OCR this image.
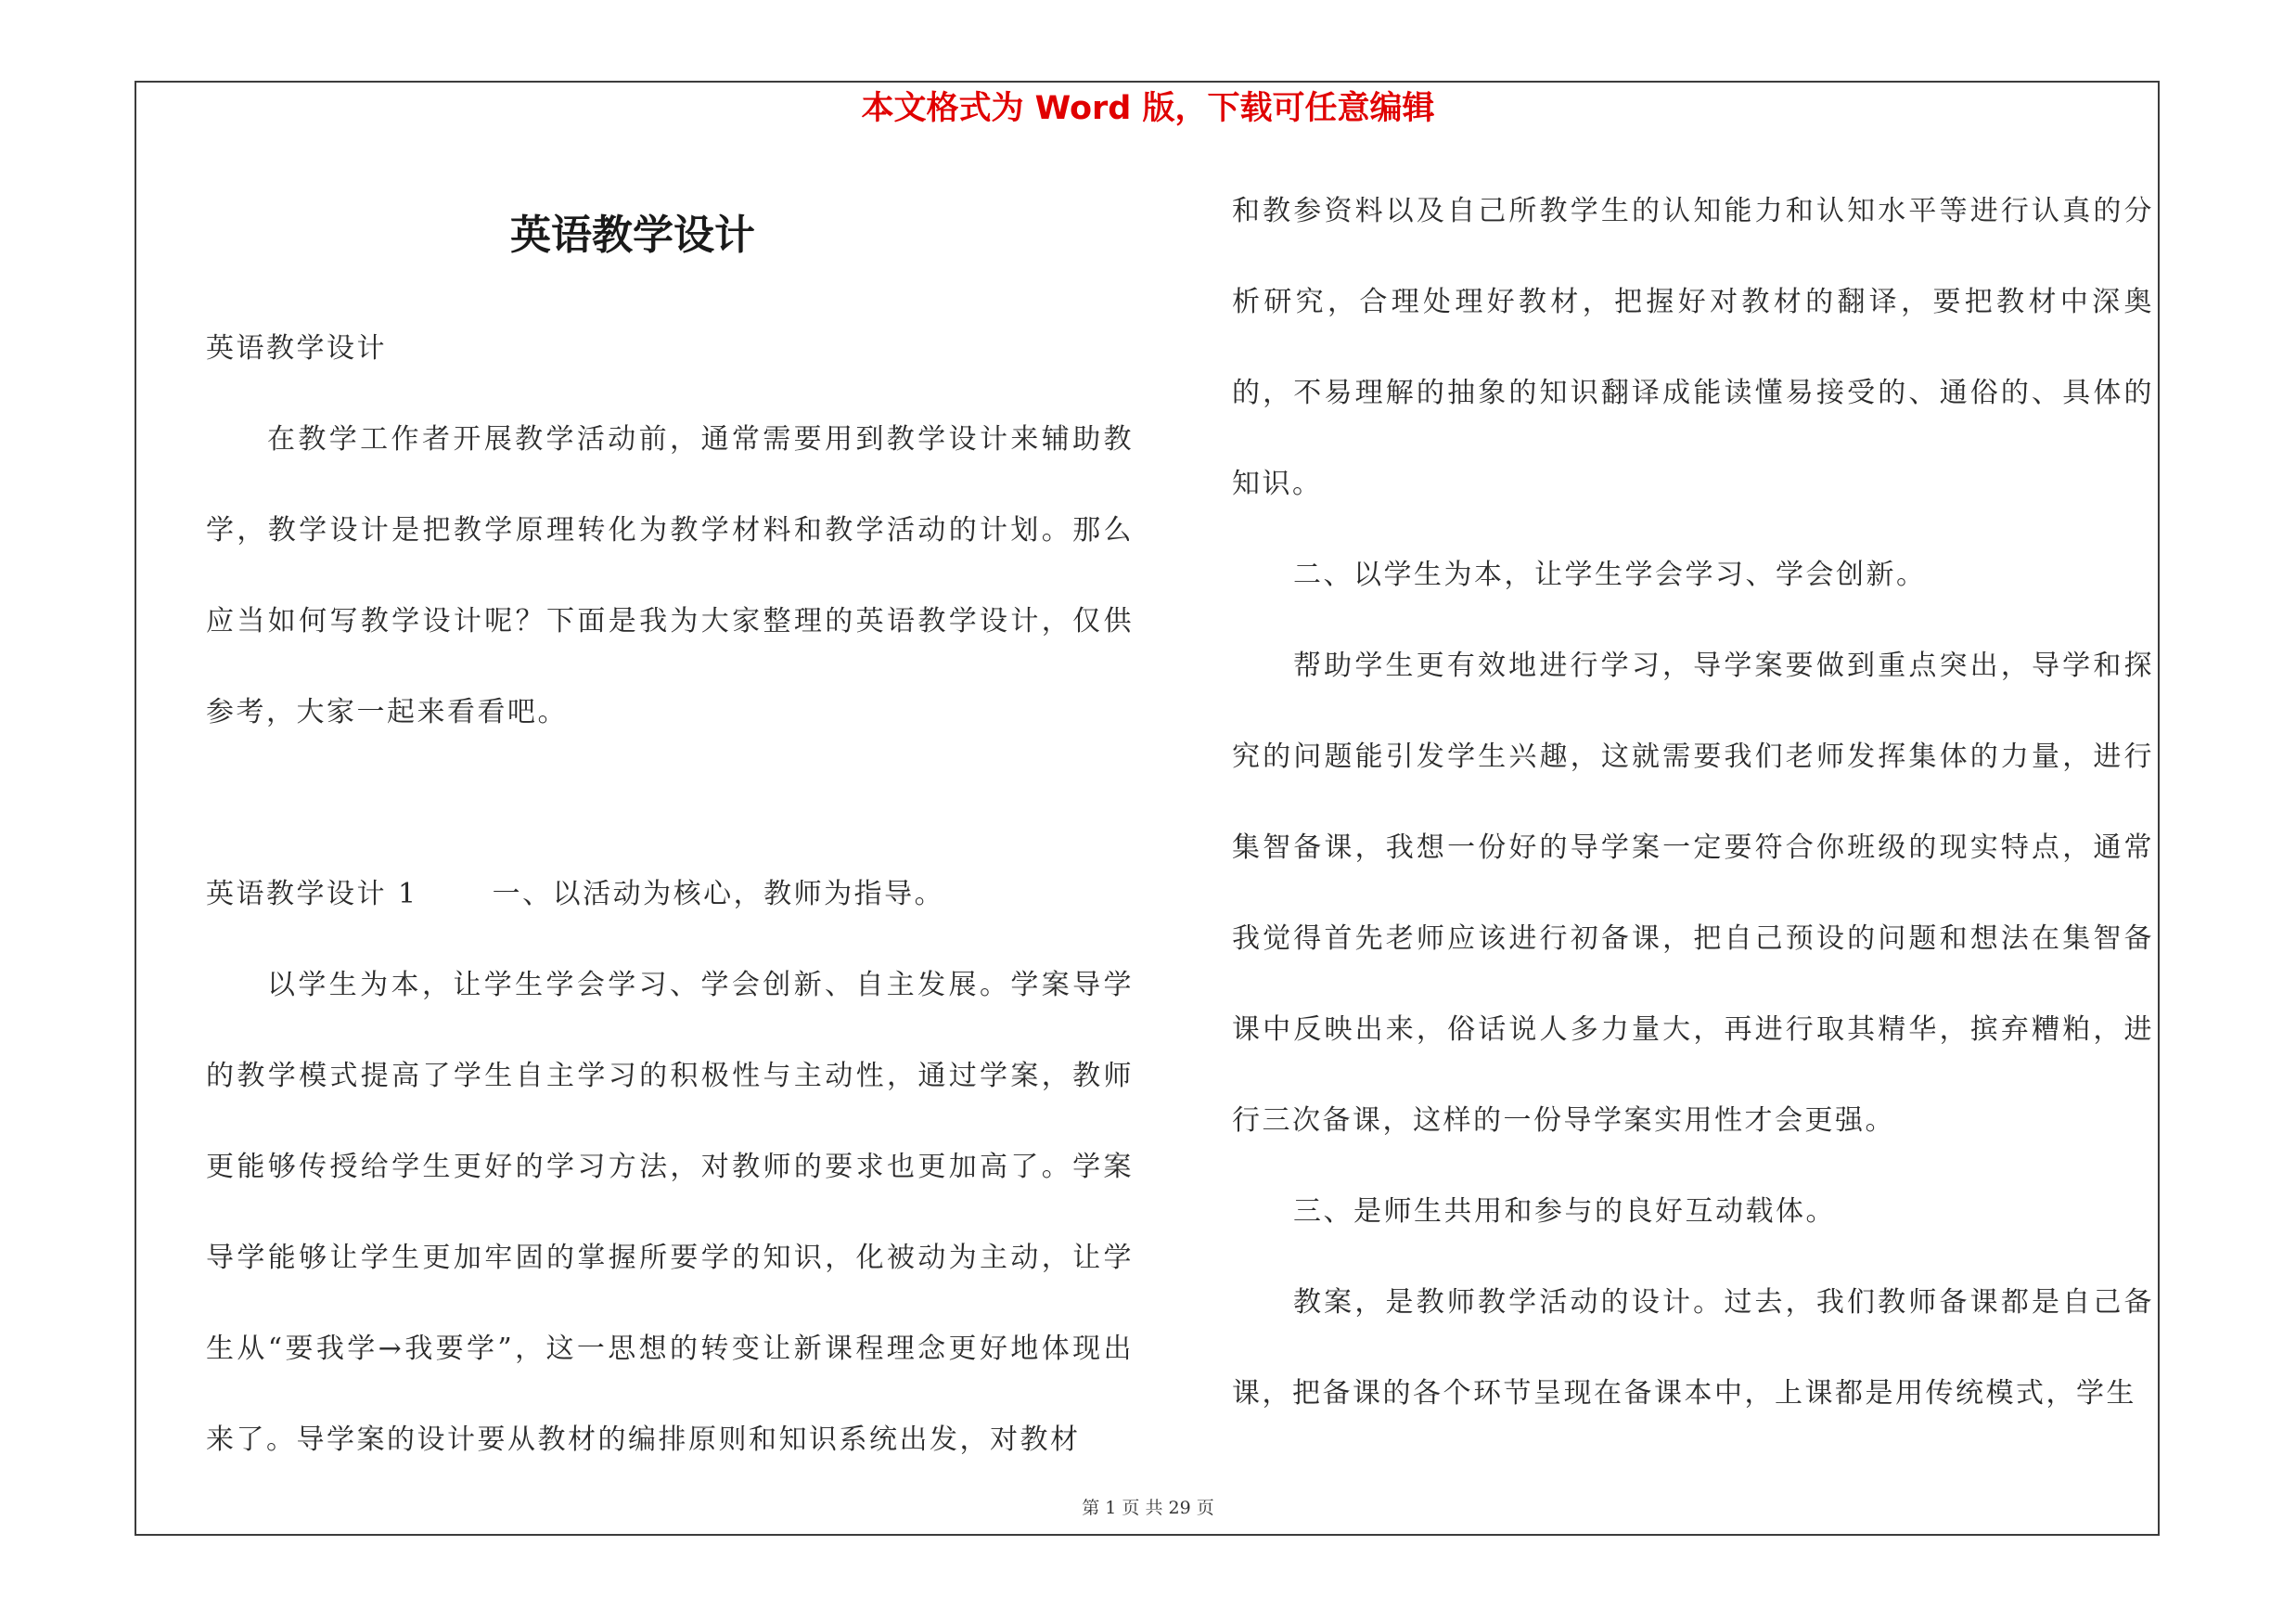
本文格式为 Word 版，下载可任意编辑
英语教学设计

英语教学设计

在教学工作者开展教学活动前，通常需要用到教学设计来辅助教学，教学设计是把教学原理转化为教学材料和教学活动的计划。那么应当如何写教学设计呢？下面是我为大家整理的英语教学设计，仅供参考，大家一起来看看吧。

英语教学设计 1	一、以活动为核心，教师为指导。

以学生为本，让学生学会学习、学会创新、自主发展。学案导学的教学模式提高了学生自主学习的积极性与主动性，通过学案，教师更能够传授给学生更好的学习方法，对教师的要求也更加高了。学案导学能够让学生更加牢固的掌握所要学的知识，化被动为主动，让学生从“要我学→我要学”，这一思想的转变让新课程理念更好地体现出来了。导学案的设计要从教材的编排原则和知识系统出发，对教材

和教参资料以及自己所教学生的认知能力和认知水平等进行认真的分析研究，合理处理好教材，把握好对教材的翻译，要把教材中深奥的，不易理解的抽象的知识翻译成能读懂易接受的、通俗的、具体的知识。

二、以学生为本，让学生学会学习、学会创新。

帮助学生更有效地进行学习，导学案要做到重点突出，导学和探究的问题能引发学生兴趣，这就需要我们老师发挥集体的力量，进行集智备课，我想一份好的导学案一定要符合你班级的现实特点，通常我觉得首先老师应该进行初备课，把自己预设的问题和想法在集智备课中反映出来，俗话说人多力量大，再进行取其精华，摈弃糟粕，进行三次备课，这样的一份导学案实用性才会更强。

三、是师生共用和参与的良好互动载体。

教案，是教师教学活动的设计。过去，我们教师备课都是自己备课，把备课的各个环节呈现在备课本中，上课都是用传统模式，学生

第 1 页 共 29 页
